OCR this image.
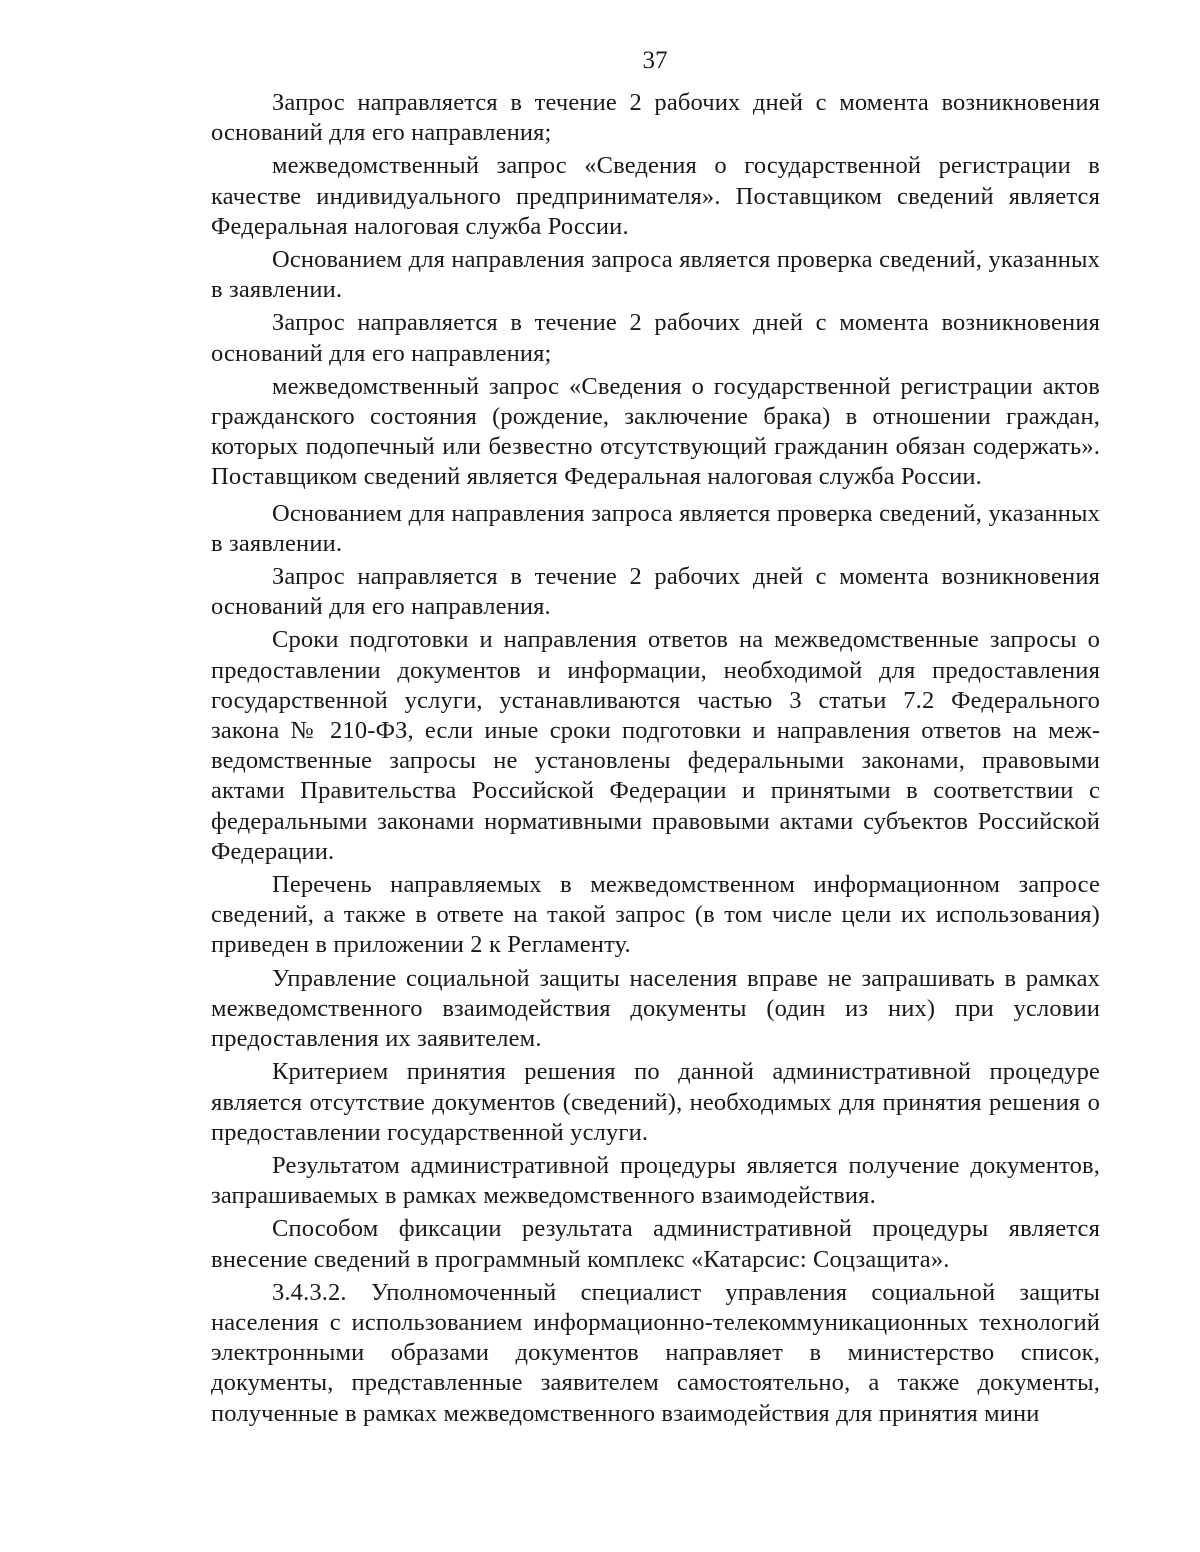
37

Запрос направляется в течение 2 рабочих дней с момента возникновения оснований для его направления;

межведомственный запрос «Сведения о государственной регистрации в качестве индивидуального предпринимателя». Поставщиком сведений является Федеральная налоговая служба России.

Основанием для направления запроса является проверка сведений, указанных в заявлении.

Запрос направляется в течение 2 рабочих дней с момента возникновения оснований для его направления;

межведомственный запрос «Сведения о государственной регистрации актов гражданского состояния (рождение, заключение брака) в отношении граждан, которых подопечный или безвестно отсутствующий гражданин обязан содержать». Поставщиком сведений является Федеральная налоговая служба России.

Основанием для направления запроса является проверка сведений, указанных в заявлении.

Запрос направляется в течение 2 рабочих дней с момента возникновения оснований для его направления.

Сроки подготовки и направления ответов на межведомственные запросы о предоставлении документов и информации, необходимой для предоставления государственной услуги, устанавливаются частью 3 статьи 7.2 Федерального закона № 210-ФЗ, если иные сроки подготовки и направления ответов на межведомственные запросы не установлены федеральными законами, правовыми актами Правительства Российской Федерации и принятыми в соответствии с федеральными законами нормативными правовыми актами субъектов Российской Федерации.

Перечень направляемых в межведомственном информационном запросе сведений, а также в ответе на такой запрос (в том числе цели их использования) приведен в приложении 2 к Регламенту.

Управление социальной защиты населения вправе не запрашивать в рамках межведомственного взаимодействия документы (один из них) при условии предоставления их заявителем.

Критерием принятия решения по данной административной процедуре является отсутствие документов (сведений), необходимых для принятия решения о предоставлении государственной услуги.

Результатом административной процедуры является получение документов, запрашиваемых в рамках межведомственного взаимодействия.

Способом фиксации результата административной процедуры является внесение сведений в программный комплекс «Катарсис: Соцзащита».

3.4.3.2. Уполномоченный специалист управления социальной защиты населения с использованием информационно-телекоммуникационных технологий электронными образами документов направляет в министерство список, документы, представленные заявителем самостоятельно, а также документы, полученные в рамках межведомственного взаимодействия для принятия мини
